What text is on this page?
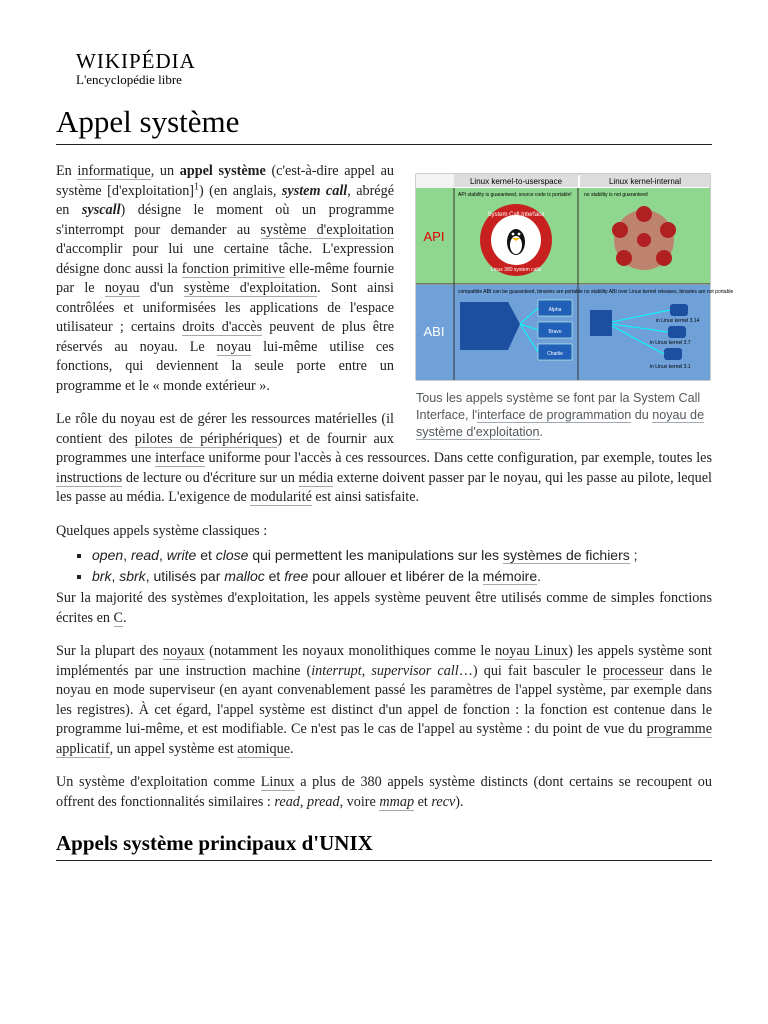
WIKIPÉDIA
L'encyclopédie libre
Appel système
Linux kernel-to-userspace	Linux kernel-internal
API
ABI
API stability is guaranteed, source code is portable!
System Call Interface
Linux 380 system calls
no stability is not guaranteed
compatible ABI can be guaranteed, binaries are portable
Alpha
Bravo
Charlie
no stability ABI over Linux kernel releases, binaries are not portable
in Linux kernel 3.14
in Linux kernel 3.7
in Linux kernel 3.1
Tous les appels système se font par la System Call Interface, l'interface de programmation du noyau de système d'exploitation.

En informatique, un appel système (c'est-à-dire appel au système [d'exploitation]$^1$) (en anglais, system call, abrégé en syscall) désigne le moment où un programme s'interrompt pour demander au système d'exploitation d'accomplir pour lui une certaine tâche. L'expression désigne donc aussi la fonction primitive elle-même fournie par le noyau d'un système d'exploitation. Sont ainsi contrôlées et uniformisées les applications de l'espace utilisateur ; certains droits d'accès peuvent de plus être réservés au noyau. Le noyau lui-même utilise ces fonctions, qui deviennent la seule porte entre un programme et le « monde extérieur ».

Le rôle du noyau est de gérer les ressources matérielles (il contient des pilotes de périphériques) et de fournir aux programmes une interface uniforme pour l'accès à ces ressources. Dans cette configuration, par exemple, toutes les instructions de lecture ou d'écriture sur un média externe doivent passer par le noyau, qui les passe au pilote, lequel les passe au média. L'exigence de modularité est ainsi satisfaite.

Quelques appels système classiques :

▪ open, read, write et close qui permettent les manipulations sur les systèmes de fichiers ;
▪ brk, sbrk, utilisés par malloc et free pour allouer et libérer de la mémoire.

Sur la majorité des systèmes d'exploitation, les appels système peuvent être utilisés comme de simples fonctions écrites en C.

Sur la plupart des noyaux (notamment les noyaux monolithiques comme le noyau Linux) les appels système sont implémentés par une instruction machine (interrupt, supervisor call…) qui fait basculer le processeur dans le noyau en mode superviseur (en ayant convenablement passé les paramètres de l'appel système, par exemple dans les registres). À cet égard, l'appel système est distinct d'un appel de fonction : la fonction est contenue dans le programme lui-même, et est modifiable. Ce n'est pas le cas de l'appel au système : du point de vue du programme applicatif, un appel système est atomique.

Un système d'exploitation comme Linux a plus de 380 appels système distincts (dont certains se recoupent ou offrent des fonctionnalités similaires : read, pread, voire mmap et recv).

Appels système principaux d'UNIX
